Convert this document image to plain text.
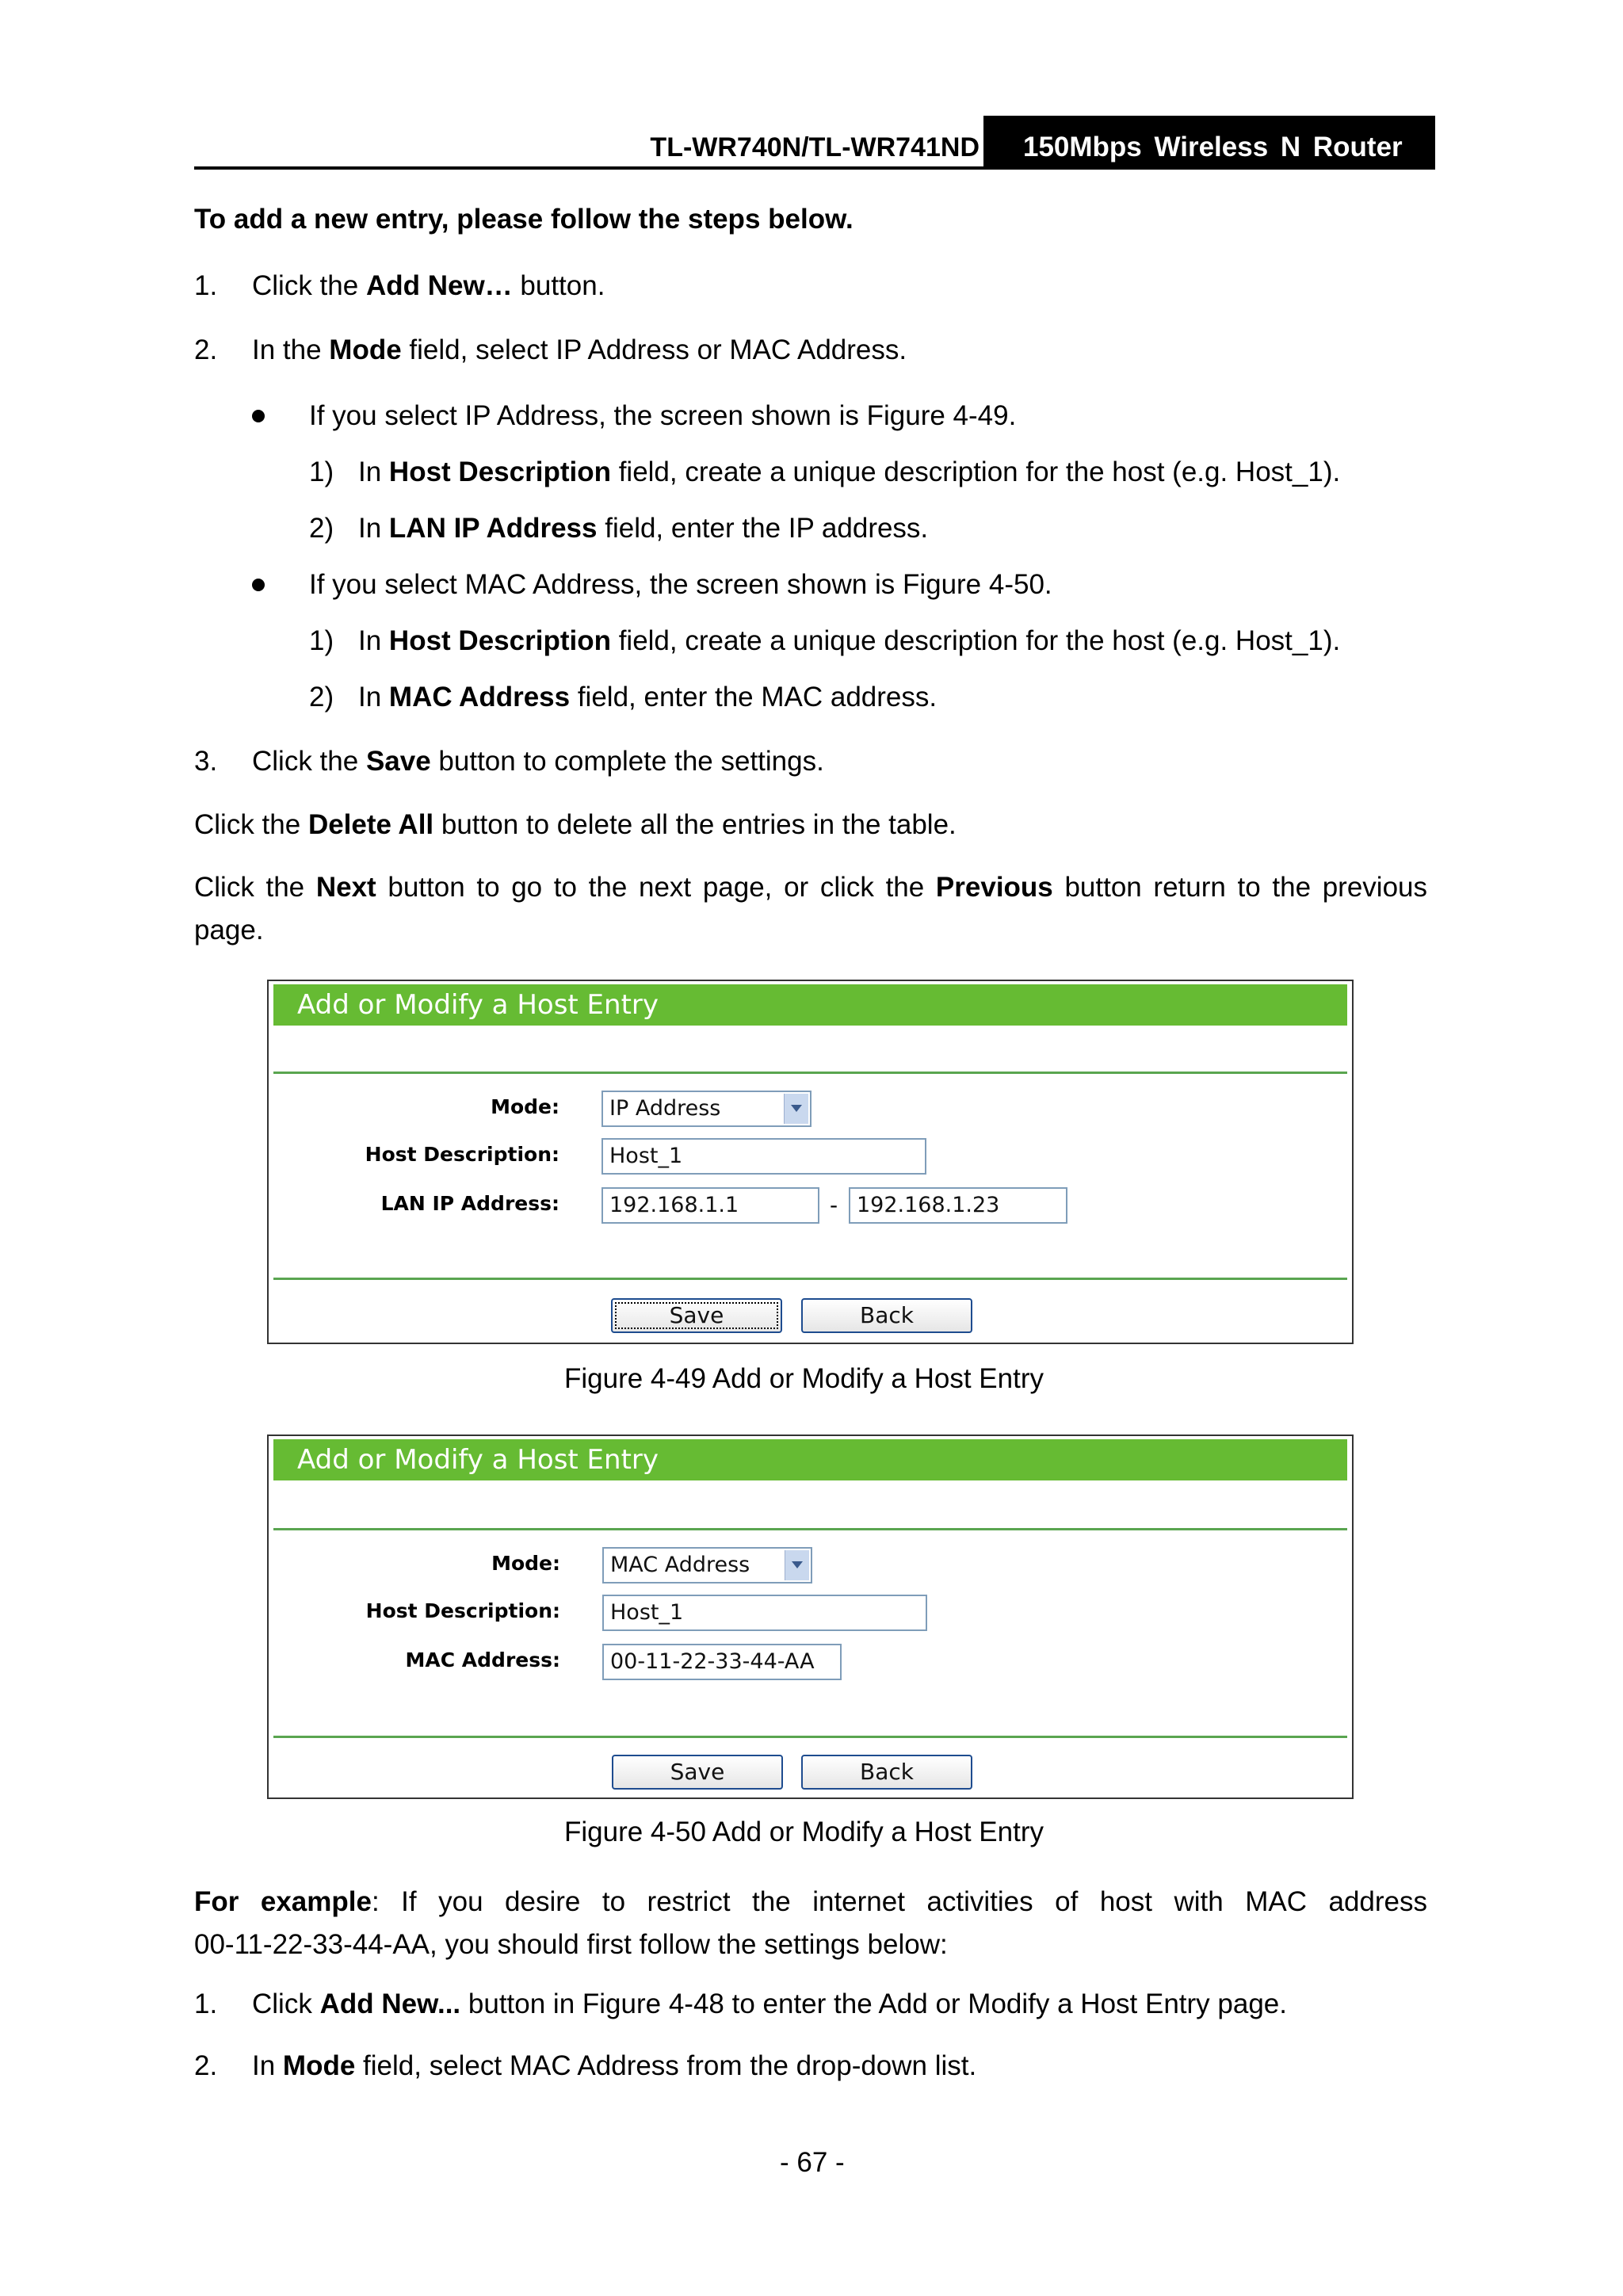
TL-WR740N/TL-WR741ND 150Mbps Wireless N Router
To add a new entry, please follow the steps below.
1. Click the Add New… button.
2. In the Mode field, select IP Address or MAC Address.
If you select IP Address, the screen shown is Figure 4-49.
1) In Host Description field, create a unique description for the host (e.g. Host_1).
2) In LAN IP Address field, enter the IP address.
If you select MAC Address, the screen shown is Figure 4-50.
1) In Host Description field, create a unique description for the host (e.g. Host_1).
2) In MAC Address field, enter the MAC address.
3. Click the Save button to complete the settings.
Click the Delete All button to delete all the entries in the table.
Click the Next button to go to the next page, or click the Previous button return to the previous
page.
Add or Modify a Host Entry
Mode:	IP Address
Host Description:	Host_1
LAN IP Address:	192.168.1.1	- 192.168.1.23
Save	Back
Figure 4-49 Add or Modify a Host Entry
Add or Modify a Host Entry
Mode:	MAC Address
Host Description:	Host_1
MAC Address:	00-11-22-33-44-AA
Save	Back
Figure 4-50 Add or Modify a Host Entry
For example: If you desire to restrict the internet activities of host with MAC address
00-11-22-33-44-AA, you should first follow the settings below:
1. Click Add New... button in Figure 4-48 to enter the Add or Modify a Host Entry page.
2. In Mode field, select MAC Address from the drop-down list.
- 67 -
